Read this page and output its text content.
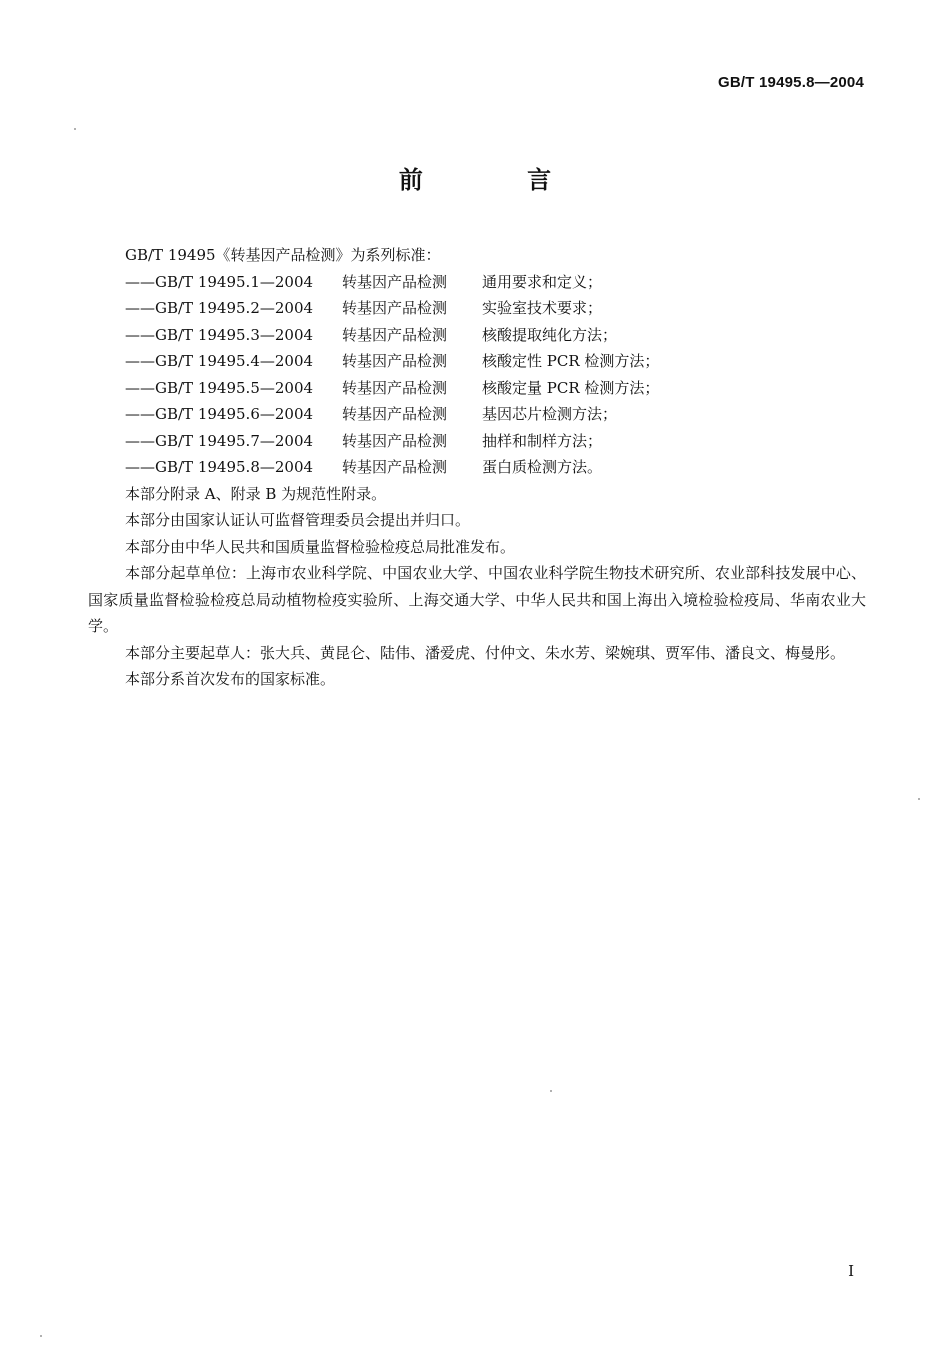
GB/T 19495.8—2004
前 言
GB/T 19495《转基因产品检测》为系列标准：
——GB/T 19495.1—2004	转基因产品检测	通用要求和定义；
——GB/T 19495.2—2004	转基因产品检测	实验室技术要求；
——GB/T 19495.3—2004	转基因产品检测	核酸提取纯化方法；
——GB/T 19495.4—2004	转基因产品检测	核酸定性 PCR 检测方法；
——GB/T 19495.5—2004	转基因产品检测	核酸定量 PCR 检测方法；
——GB/T 19495.6—2004	转基因产品检测	基因芯片检测方法；
——GB/T 19495.7—2004	转基因产品检测	抽样和制样方法；
——GB/T 19495.8—2004	转基因产品检测	蛋白质检测方法。

本部分附录 A、附录 B 为规范性附录。

本部分由国家认证认可监督管理委员会提出并归口。

本部分由中华人民共和国质量监督检验检疫总局批准发布。

本部分起草单位：上海市农业科学院、中国农业大学、中国农业科学院生物技术研究所、农业部科技发展中心、国家质量监督检验检疫总局动植物检疫实验所、上海交通大学、中华人民共和国上海出入境检验检疫局、华南农业大学。

本部分主要起草人：张大兵、黄昆仑、陆伟、潘爱虎、付仲文、朱水芳、梁婉琪、贾军伟、潘良文、梅曼彤。

本部分系首次发布的国家标准。

I
